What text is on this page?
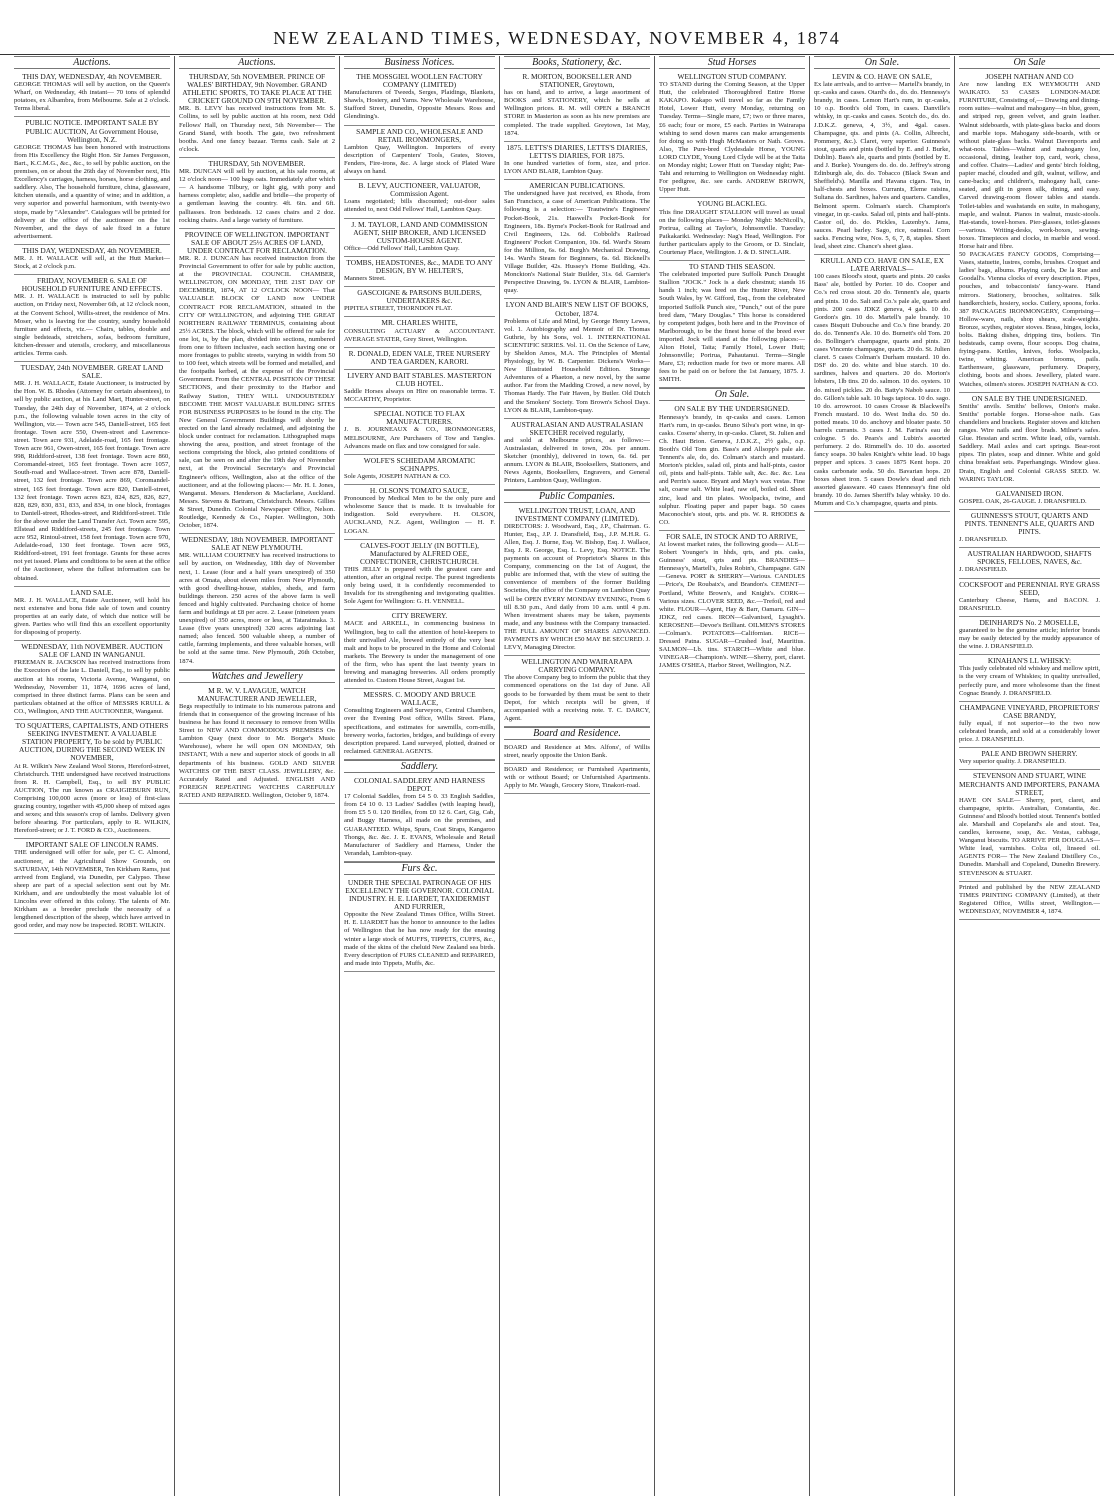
NEW ZEALAND TIMES, WEDNESDAY, NOVEMBER 4, 1874
Auctions.

THIS DAY, WEDNESDAY, 4th NOVEMBER.

GEORGE THOMAS will sell by auction, on the Queen's Wharf, on Wednesday, 4th instant— 70 tons of splendid potatoes, ex Albambra, from Melbourne. Sale at 2 o'clock. Terms liberal.

PUBLIC NOTICE. IMPORTANT SALE BY PUBLIC AUCTION, At Government House, Wellington, N.Z.

GEORGE THOMAS has been honored with instructions from His Excellency the Right Hon. Sir James Fergusson, Bart., K.C.M.G., &c., &c., to sell by public auction, on the premises, on or about the 26th day of November next, His Excellency's carriages, harness, horses, horse clothing, and saddlery. Also, The household furniture, china, glassware, kitchen utensils, and a quantity of wine; and in addition, a very superior and powerful harmonium, with twenty-two stops, made by "Alexandre". Catalogues will be printed for delivery at the office of the auctioneer on the 1st November, and the days of sale fixed in a future advertisement.

THIS DAY, WEDNESDAY, 4th NOVEMBER.

MR. J. H. WALLACE will sell, at the Hutt Market— Stock, at 2 o'clock p.m.

FRIDAY, NOVEMBER 6. SALE OF HOUSEHOLD FURNITURE AND EFFECTS.

MR. J. H. WALLACE is instructed to sell by public auction, on Friday next, November 6th, at 12 o'clock noon, at the Convent School, Willis-street, the residence of Mrs. Moser, who is leaving for the country, sundry household furniture and effects, viz.— Chairs, tables, double and single bedsteads, stretchers, sofas, bedroom furniture, kitchen-dresser and utensils, crockery, and miscellaneous articles. Terms cash.

TUESDAY, 24th NOVEMBER. GREAT LAND SALE.

MR. J. H. WALLACE, Estate Auctioneer, is instructed by the Hon. W. B. Rhodes (Attorney for certain absentees), to sell by public auction, at his Land Mart, Hunter-street, on Tuesday, the 24th day of November, 1874, at 2 o'clock p.m., the following valuable town acres in the city of Wellington, viz.— Town acre 545, Daniell-street, 165 feet frontage. Town acre 550, Owen-street and Lawrence-street. Town acre 931, Adelaide-road, 165 feet frontage. Town acre 961, Owen-street, 165 feet frontage. Town acre 998, Riddiford-street, 138 feet frontage. Town acre 860, Coromandel-street, 165 feet frontage. Town acre 1057, South-road and Wallace-street. Town acre 878, Daniell-street, 132 feet frontage. Town acre 869, Coromandel-street, 165 feet frontage. Town acre 820, Daniell-street, 132 feet frontage. Town acres 823, 824, 825, 826, 827, 828, 829, 830, 831, 833, and 834, in one block, frontages to Daniell-street, Rhodes-street, and Riddiford-street. Title for the above under the Land Transfer Act. Town acre 595, Ellstead and Riddiford-streets, 245 feet frontage. Town acre 952, Rintoul-street, 158 feet frontage. Town acre 970, Adelaide-road, 130 feet frontage. Town acre 965, Riddiford-street, 191 feet frontage. Grants for these acres not yet issued. Plans and conditions to be seen at the office of the Auctioneer, where the fullest information can be obtained.

LAND SALE.

MR. J. H. WALLACE, Estate Auctioneer, will hold his next extensive and bona fide sale of town and country properties at an early date, of which due notice will be given. Parties who will find this an excellent opportunity for disposing of property.

WEDNESDAY, 11th NOVEMBER. AUCTION SALE OF LAND IN WANGANUI.

FREEMAN R. JACKSON has received instructions from the Executors of the late L. Daniell, Esq., to sell by public auction at his rooms, Victoria Avenue, Wanganui, on Wednesday, November 11, 1874, 1696 acres of land, comprised in three distinct farms. Plans can be seen and particulars obtained at the office of MESSRS KRULL & CO., Wellington, AND THE AUCTIONEER, Wanganui.

TO SQUATTERS, CAPITALISTS, AND OTHERS SEEKING INVESTMENT. A VALUABLE STATION PROPERTY, To be sold by PUBLIC AUCTION, DURING THE SECOND WEEK IN NOVEMBER,

At R. Wilkin's New Zealand Wool Stores, Hereford-street, Christchurch. THE undersigned have received instructions from R. H. Campbell, Esq., to sell BY PUBLIC AUCTION, The run known as CRAIGIEBURN RUN, Comprising 100,000 acres (more or less) of first-class grazing country, together with 45,000 sheep of mixed ages and sexes; and this season's crop of lambs. Delivery given before shearing. For particulars, apply to R. WILKIN, Hereford-street; or J. T. FORD & CO., Auctioneers.

IMPORTANT SALE OF LINCOLN RAMS.

THE undersigned will offer for sale, per C. C. Almond, auctioneer, at the Agricultural Show Grounds, on SATURDAY, 14th NOVEMBER, Ten Kirkham Rams, just arrived from England, via Dunedin, per Calypso. These sheep are part of a special selection sent out by Mr. Kirkham, and are undoubtedly the most valuable lot of Lincolns ever offered in this colony. The talents of Mr. Kirkham as a breeder preclude the necessity of a lengthened description of the sheep, which have arrived in good order, and may now be inspected. ROBT. WILKIN.

Auctions.

THURSDAY, 5th NOVEMBER. PRINCE OF WALES' BIRTHDAY, 9th November. GRAND ATHLETIC SPORTS, TO TAKE PLACE AT THE CRICKET GROUND ON 9TH NOVEMBER.

MR. B. LEVY has received instructions from Mr. S. Collins, to sell by public auction at his room, next Odd Fellows' Hall, on Thursday next, 5th November— The Grand Stand, with booth. The gate, two refreshment booths. And one fancy bazaar. Terms cash. Sale at 2 o'clock.

THURSDAY, 5th NOVEMBER.

MR. DUNCAN will sell by auction, at his sale rooms, at 12 o'clock noon— 100 bags oats. Immediately after which— A handsome Tilbury, or light gig, with pony and harness complete; also, saddle and bridle—the property of a gentleman leaving the country. 4ft. 6in. and 6ft. palliasses. Iron bedsteads. 12 cases chairs and 2 doz. rocking chairs. And a large variety of furniture.

PROVINCE OF WELLINGTON. IMPORTANT SALE OF ABOUT 25½ ACRES OF LAND, UNDER CONTRACT FOR RECLAMATION.

MR. R. J. DUNCAN has received instruction from the Provincial Government to offer for sale by public auction, at the PROVINCIAL COUNCIL CHAMBER, WELLINGTON, ON MONDAY, THE 21ST DAY OF DECEMBER, 1874, AT 12 O'CLOCK NOON— That VALUABLE BLOCK OF LAND now UNDER CONTRACT FOR RECLAMATION, situated in the CITY OF WELLINGTON, and adjoining THE GREAT NORTHERN RAILWAY TERMINUS, containing about 25½ ACRES. The block, which will be offered for sale for one lot, is, by the plan, divided into sections, numbered from one to fifteen inclusive, each section having one or more frontages to public streets, varying in width from 50 to 100 feet, which streets will be formed and metalled, and the footpaths kerbed, at the expense of the Provincial Government. From the CENTRAL POSITION OF THESE SECTIONS, and their proximity to the Harbor and Railway Station, THEY WILL UNDOUBTEDLY BECOME THE MOST VALUABLE BUILDING SITES FOR BUSINESS PURPOSES to be found in the city. The New General Government Buildings will shortly be erected on the land already reclaimed, and adjoining the block under contract for reclamation. Lithographed maps showing the area, position, and street frontage of the sections comprising the block, also printed conditions of sale, can be seen on and after the 19th day of November next, at the Provincial Secretary's and Provincial Engineer's offices, Wellington, also at the office of the auctioneer, and at the following places:— Mr. H. I. Jones, Wanganui. Messrs. Henderson & Macfarlane, Auckland. Messrs. Stevens & Bartram, Christchurch. Messrs. Gillies & Street, Dunedin. Colonial Newspaper Office, Nelson. Routledge, Kennedy & Co., Napier. Wellington, 30th October, 1874.

WEDNESDAY, 18th NOVEMBER. IMPORTANT SALE AT NEW PLYMOUTH.

MR. WILLIAM COURTNEY has received instructions to sell by auction, on Wednesday, 18th day of November next, 1. Lease (four and a half years unexpired) of 350 acres at Omata, about eleven miles from New Plymouth, with good dwelling-house, stables, sheds, and farm buildings thereon. 250 acres of the above farm is well fenced and highly cultivated. Purchasing choice of home farm and buildings at £8 per acre. 2. Lease (nineteen years unexpired) of 350 acres, more or less, at Tataraimaka. 3. Lease (five years unexpired) 320 acres adjoining last named; also fenced. 500 valuable sheep, a number of cattle, farming implements, and three valuable horses, will be sold at the same time. New Plymouth, 26th October, 1874.

Watches and Jewellery

M R. W. V. LAVAGUE, WATCH MANUFACTURER AND JEWELLER,

Begs respectfully to intimate to his numerous patrons and friends that in consequence of the growing increase of his business he has found it necessary to remove from Willis Street to NEW AND COMMODIOUS PREMISES On Lambton Quay (next door to Mr. Borger's Music Warehouse), where he will open ON MONDAY, 9th INSTANT, With a new and superior stock of goods in all departments of his business. GOLD AND SILVER WATCHES OF THE BEST CLASS. JEWELLERY, &c. Accurately Rated and Adjusted. ENGLISH AND FOREIGN REPEATING WATCHES CAREFULLY RATED AND REPAIRED. Wellington, October 9, 1874.

Business Notices.

THE MOSSGIEL WOOLLEN FACTORY COMPANY (LIMITED)

Manufacturers of Tweeds, Serges, Plaidings, Blankets, Shawls, Hosiery, and Yarns. New Wholesale Warehouse, Stafford Street, Dunedin, Opposite Messrs. Ross and Glendining's.

SAMPLE AND CO., WHOLESALE AND RETAIL IRONMONGERS,

Lambton Quay, Wellington. Importers of every description of Carpenters' Tools, Grates, Stoves, Fenders, Fire-irons, &c. A large stock of Plated Ware always on hand.

B. LEVY, AUCTIONEER, VALUATOR, Commission Agent.

Loans negotiated; bills discounted; out-door sales attended to, next Odd Fellows' Hall, Lambton Quay.

J. M. TAYLOR, LAND AND COMMISSION AGENT, SHIP BROKER, AND LICENSED CUSTOM-HOUSE AGENT.

Office—Odd Fellows' Hall, Lambton Quay.

TOMBS, HEADSTONES, &c., MADE TO ANY DESIGN, BY W. HELTER'S,

Manners Street.

GASCOIGNE & PARSONS BUILDERS, UNDERTAKERS &c.

PIPITEA STREET, THORNDON FLAT.

MR. CHARLES WHITE,

CONSULTING ACTUARY & ACCOUNTANT. AVERAGE STATER, Grey Street, Wellington.

R. DONALD, EDEN VALE, TREE NURSERY AND TEA GARDEN, KARORI.

LIVERY AND BAIT STABLES. MASTERTON CLUB HOTEL.

Saddle Horses always on Hire on reasonable terms. T. MCCARTHY, Proprietor.

SPECIAL NOTICE TO FLAX MANUFACTURERS.

J. B. JOURNEAUX & CO., IRONMONGERS, MELBOURNE, Are Purchasers of Tow and Tangles. Advances made on flax and tow consigned for sale.

WOLFE'S SCHIEDAM AROMATIC SCHNAPPS.

Sole Agents, JOSEPH NATHAN & CO.

H. OLSON'S TOMATO SAUCE,

Pronounced by Medical Men to be the only pure and wholesome Sauce that is made. It is invaluable for indigestion. Sold everywhere. H. OLSON, AUCKLAND, N.Z. Agent, Wellington — H. F. LOGAN.

CALVES-FOOT JELLY (IN BOTTLE), Manufactured by ALFRED OEE, CONFECTIONER, CHRISTCHURCH.

THIS JELLY is prepared with the greatest care and attention, after an original recipe. The purest ingredients only being used, it is confidently recommended to Invalids for its strengthening and invigorating qualities. Sole Agent for Wellington: G. H. VENNELL.

CITY BREWERY.

MACE and ARKELL, in commencing business in Wellington, beg to call the attention of hotel-keepers to their unrivalled Ale, brewed entirely of the very best malt and hops to be procured in the Home and Colonial markets. The Brewery is under the management of one of the firm, who has spent the last twenty years in brewing and managing breweries. All orders promptly attended to. Custom House Street, August 1st.

MESSRS. C. MOODY AND BRUCE WALLACE,

Consulting Engineers and Surveyors, Central Chambers, over the Evening Post office, Willis Street. Plans, specifications, and estimates for sawmills, corn-mills, brewery works, factories, bridges, and buildings of every description prepared. Land surveyed, plotted, drained or reclaimed. GENERAL AGENTS.

Saddlery.

COLONIAL SADDLERY AND HARNESS DEPOT.

17 Colonial Saddles, from £4 5 0. 33 English Saddles, from £4 10 0. 13 Ladies' Saddles (with leaping head), from £5 5 0. 120 Bridles, from £0 12 6. Cart, Gig, Cab, and Buggy Harness, all made on the premises, and GUARANTEED. Whips, Spurs, Coat Straps, Kangaroo Thongs, &c. &c. J. E. EVANS, Wholesale and Retail Manufacturer of Saddlery and Harness, Under the Verandah, Lambton-quay.

Furs &c.

UNDER THE SPECIAL PATRONAGE OF HIS EXCELLENCY THE GOVERNOR. COLONIAL INDUSTRY. H. E. LIARDET, TAXIDERMIST AND FURRIER,

Opposite the New Zealand Times Office, Willis Street. H. E. LIARDET has the honor to announce to the ladies of Wellington that he has now ready for the ensuing winter a large stock of MUFFS, TIPPETS, CUFFS, &c., made of the skins of the cheluid New Zealand sea birds. Every description of FURS CLEANED and REPAIRED, and made into Tippets, Muffs, &c.

Books, Stationery, &c.

R. MORTON, BOOKSELLER AND STATIONER, Greytown,

has on hand, and to arrive, a large assortment of BOOKS and STATIONERY, which he sells at Wellington prices. R. M. will OPEN a BRANCH STORE in Masterton as soon as his new premises are completed. The trade supplied. Greytown, 1st May, 1874.

1875. LETTS'S DIARIES, LETTS'S DIARIES, LETTS'S DIARIES, FOR 1875.

In one hundred varieties of form, size, and price. LYON AND BLAIR, Lambton Quay.

AMERICAN PUBLICATIONS.

The undersigned have just received, ex Rhoda, from San Francisco, a case of American Publications. The following is a selection:— Trautwine's Engineers' Pocket-Book, 21s. Haswell's Pocket-Book for Engineers, 18s. Byrne's Pocket-Book for Railroad and Civil Engineers, 12s. 6d. Cobbold's Railroad Engineers' Pocket Companion, 10s. 6d. Ward's Steam for the Million, 6s. 6d. Burgh's Mechanical Drawing, 14s. Ward's Steam for Beginners, 6s. 6d. Bicknell's Village Builder, 42s. Hussey's Home Building, 42s. Monckton's National Stair Builder, 31s. 6d. Garnier's Perspective Drawing, 9s. LYON & BLAIR, Lambton-quay.

LYON AND BLAIR'S NEW LIST OF BOOKS, October, 1874.

Problems of Life and Mind, by George Henry Lewes, vol. 1. Autobiography and Memoir of Dr. Thomas Guthrie, by his Sons, vol. 1. INTERNATIONAL SCIENTIFIC SERIES. Vol. 11. On the Science of Law, by Sheldon Amos, M.A. The Principles of Mental Physiology, by W. B. Carpenter. Dickens's Works—New Illustrated Household Edition. Strange Adventures of a Phaeton, a new novel, by the same author. Far from the Madding Crowd, a new novel, by Thomas Hardy. The Fair Haven, by Butler. Old Dutch and the Smokers' Society. Tom Brown's School Days. LYON & BLAIR, Lambton-quay.

AUSTRALASIAN AND AUSTRALASIAN SKETCHER received regularly,

and sold at Melbourne prices, as follows:— Australasian, delivered in town, 20s. per annum. Sketcher (monthly), delivered in town, 6s. 6d. per annum. LYON & BLAIR, Booksellers, Stationers, and News Agents, Booksellers, Engravers, and General Printers, Lambton Quay, Wellington.

Public Companies.

WELLINGTON TRUST, LOAN, AND INVESTMENT COMPANY (LIMITED).

DIRECTORS: J. Woodward, Esq., J.P., Chairman. G. Hunter, Esq., J.P. J. Dransfield, Esq., J.P. M.H.R. G. Allen, Esq. J. Burne, Esq. W. Bishop, Esq. J. Wallace, Esq. J. R. George, Esq. L. Levy, Esq. NOTICE. The payments on account of Proprietor's Shares in this Company, commencing on the 1st of August, the public are informed that, with the view of suiting the convenience of members of the former Building Societies, the office of the Company on Lambton Quay will be OPEN EVERY MONDAY EVENING, From 6 till 8.30 p.m., And daily from 10 a.m. until 4 p.m. When investment shares may be taken, payments made, and any business with the Company transacted. THE FULL AMOUNT OF SHARES ADVANCED. PAYMENTS BY WHICH £50 MAY BE SECURED. J. LEVY, Managing Director.

WELLINGTON AND WAIRARAPA CARRYING COMPANY.

The above Company beg to inform the public that they commenced operations on the 1st day of June. All goods to be forwarded by them must be sent to their Depot, for which receipts will be given, if accompanied with a receiving note. T. C. DARCY, Agent.

Board and Residence.

BOARD and Residence at Mrs. Alfons', of Willis street, nearly opposite the Union Bank.

BOARD and Residence; or Furnished Apartments, with or without Board; or Unfurnished Apartments. Apply to Mr. Waugh, Grocery Store, Tinakori-road.

Stud Horses

WELLINGTON STUD COMPANY.

TO STAND during the Coming Season, at the Upper Hutt, the celebrated Thoroughbred Entire Horse KAKAPO. Kakapo will travel so far as the Family Hotel, Lower Hutt, every Monday, returning on Tuesday. Terms—Single mare, £7; two or three mares, £6 each; four or more, £5 each. Parties in Wairarapa wishing to send down mares can make arrangements for doing so with Hugh McMasters or Nath. Groves. Also, The Pure-bred Clydesdale Horse, YOUNG LORD CLYDE, Young Lord Clyde will be at the Taita on Monday night; Lower Hutt on Tuesday night; Pae-Tahi and returning to Wellington on Wednesday night. For pedigree, &c. see cards. ANDREW BROWN, Upper Hutt.

YOUNG BLACKLEG.

This fine DRAUGHT STALLION will travel as usual on the following places— Monday Night: McNicoll's, Porirua, calling at Taylor's, Johnsonville. Tuesday: Paikakariki. Wednesday: Nag's Head, Wellington. For further particulars apply to the Groom, or D. Sinclair, Courtenay Place, Wellington. J. & D. SINCLAIR.

TO STAND THIS SEASON.

The celebrated imported pure Suffolk Punch Draught Stallion "JOCK." Jock is a dark chestnut; stands 16 hands 1 inch; was bred on the Hunter River, New South Wales, by W. Gifford, Esq., from the celebrated imported Suffolk Punch sire, "Punch," out of the pure bred dam, "Mary Douglas." This horse is considered by competent judges, both here and in the Province of Marlborough, to be the finest horse of the breed ever imported. Jock will stand at the following places:— Alton Hotel, Taita; Family Hotel, Lower Hutt; Johnsonville; Porirua, Pahautanui. Terms—Single Mare, £3; reduction made for two or more mares. All fees to be paid on or before the 1st January, 1875. J. SMITH.

On Sale.

ON SALE BY THE UNDERSIGNED.

Hennessy's brandy, in qr-casks and cases. Lemon Hart's rum, in qr-casks. Bruno Silva's port wine, in qr-casks. Cosens' sherry, in qr-casks. Claret, St. Julien and Ch. Haut Brion. Geneva, J.D.K.Z., 2½ gals., o.p. Booth's Old Tom gin. Bass's and Allsopp's pale ale. Tennent's ale, do, do. Colman's starch and mustard. Morton's pickles, salad oil, pints and half-pints, castor oil, pints and half-pints. Table salt, &c. &c. &c. Lea and Perrin's sauce. Bryant and May's wax vestas. Fine salt, coarse salt. White lead, raw oil, boiled oil. Sheet zinc, lead and tin plates. Woolpacks, twine, and sulphur. Floating paper and paper bags. 50 cases Maconochie's stout, qrts. and pts. W. R. RHODES & CO.

FOR SALE, IN STOCK AND TO ARRIVE,

At lowest market rates, the following goods— ALE—Robert Younger's in hhds, qrts, and pts. casks, Guinness' stout, qrts and pts. BRANDIES—Hennessy's, Martell's, Jules Robin's, Champagne. GIN—Geneva. PORT & SHERRY—Various. CANDLES—Price's, De Roubaix's, and Brandon's. CEMENT—Portland, White Brown's, and Knight's. CORK—Various sizes. CLOVER SEED, &c.—Trefoil, red and white. FLOUR—Agent, Hay & Barr, Oamaru. GIN—JDKZ, red cases. IRON—Galvanised, Lysaght's. KEROSENE—Devoe's Brilliant. OILMEN'S STORES—Colman's. POTATOES—Californian. RICE—Dressed Patna. SUGAR—Crushed loaf, Mauritius. SALMON—Lb. tins. STARCH—White and blue. VINEGAR—Champion's. WINE—Sherry, port, claret. JAMES O'SHEA, Harbor Street, Wellington, N.Z.

On Sale.

LEVIN & CO. HAVE ON SALE,

Ex late arrivals, and to arrive— Martell's brandy, in qr.-casks and cases. Otard's do., do. do. Hennessy's brandy, in cases. Lemon Hart's rum, in qr.-casks, 10 o.p. Booth's old Tom, in cases. Danville's whisky, in qr.-casks and cases. Scotch do., do. do. J.D.K.Z. geneva, 4, 3½, and 4gal. cases. Champagne, qts. and pints (A. Collin, Albrecht, Pommery, &c.). Claret, very superior. Guinness's stout, quarts and pints (bottled by E. and J. Burke, Dublin). Bass's ale, quarts and pints (bottled by E. and J. Burke). Youngers do. do. do. Jeffrey's strong Edinburgh ale, do. do. Tobacco (Black Swan and Sheffield's). Manilla and Havana cigars. Tea, in half-chests and boxes. Currants, Eleme raisins, Sultana do. Sardines, halves and quarters. Candles, Belmont sperm. Colman's starch. Champion's vinegar, in qr.-casks. Salad oil, pints and half-pints. Castor oil, do. do. Pickles, Lazenby's. Jams, sauces. Pearl barley. Sago, rice, oatmeal. Corn sacks. Fencing wire, Nos. 5, 6, 7, 8, staples. Sheet lead, sheet zinc. Chance's sheet glass.

KRULL AND CO. HAVE ON SALE, EX LATE ARRIVALS—

100 cases Blood's stout, quarts and pints. 20 casks Bass' ale, bottled by Porter. 10 do. Cooper and Co.'s red cross stout. 20 do. Tennent's ale, quarts and pints. 10 do. Salt and Co.'s pale ale, quarts and pints. 200 cases JDKZ geneva, 4 gals. 10 do. Gordon's gin. 10 do. Martell's pale brandy. 10 cases Bisquit Dubouche and Co.'s fine brandy. 20 do. do. Tennent's Ale. 10 do. Burnett's old Tom. 20 do. Bollinger's champagne, quarts and pints. 20 cases Vincente champagne, quarts. 20 do. St. Julien claret. 5 cases Colman's Durham mustard. 10 do. DSF do. 20 do. white and blue starch. 10 do. sardines, halves and quarters. 20 do. Morton's lobsters, 1lb tins. 20 do. salmon. 10 do. oysters. 10 do. mixed pickles. 20 do. Batty's Nabob sauce. 10 do. Gillon's table salt. 10 bags tapioca. 10 do. sago. 10 do. arrowroot. 10 cases Crosse & Blackwell's French mustard. 10 do. West India do. 50 do. potted meats. 10 do. anchovy and bloater paste. 50 barrels currants. 3 cases J. M. Farina's eau de cologne. 5 do. Pears's and Lubin's assorted perfumery. 2 do. Rimmell's do. 10 do. assorted fancy soaps. 30 bales Knight's white lead. 10 bags pepper and spices. 3 cases 1875 Kent hops. 20 casks carbonate soda. 50 do. Bavarian hops. 20 boxes sheet iron. 5 cases Dowle's dead and rich assorted glassware. 40 cases Hennessy's fine old brandy. 10 do. James Sheriff's Islay whisky. 10 do. Mumm and Co.'s champagne, quarts and pints.

On Sale

JOSEPH NATHAN AND CO

Are now landing EX WEYMOUTH AND WAIKATO. 53 CASES LONDON-MADE FURNITURE, Consisting of,— Drawing and dining-room suites—walnut and mahogany—in blue, green, and striped rep, green velvet, and grain leather. Walnut sideboards, with plate-glass backs and doors and marble tops. Mahogany side-boards, with or without plate-glass backs. Walnut Davenports and what-nots. Tables—Walnut and mahogany loo, occasional, dining, leather top, card, work, chess, and coffee. Chairs—Ladies' and gents' birch folding, papier maché, clouded and gilt, walnut, willow, and cane-backs; and children's, mahogany hall, cane-seated, and gilt in green silk, dining, and easy. Carved drawing-room flower tables and stands. Toilet-tables and washstands en suite, in mahogany, maple, and walnut. Pianos in walnut, music-stools. Hat-stands, towel-horses. Pier-glasses, toilet-glasses—various. Writing-desks, work-boxes, sewing-boxes. Timepieces and clocks, in marble and wood. Horse hair and fibre.

50 PACKAGES FANCY GOODS, Comprising— Vases, statuette, lustres, combs, brushes. Croquet and ladies' bags, albums. Playing cards, De la Rue and Goodall's. Vienna clocks of every description. Pipes, pouches, and tobacconists' fancy-ware. Hand mirrors. Stationery, brooches, solitaires. Silk handkerchiefs, hosiery, socks. Cutlery, spoons, forks. 387 PACKAGES IRONMONGERY, Comprising— Hollow-ware, nails, shop shears, scale-weights. Bronze, scythes, register stoves. Brass, hinges, locks, bolts. Baking dishes, dripping tins, boilers. Tin bedsteads, camp ovens, flour scoops. Dog chains, frying-pans. Kettles, knives, forks. Woolpacks, twine, whiting. American brooms, pails. Earthenware, glassware, perfumery. Drapery, clothing, boots and shoes. Jewellery, plated ware. Watches, oilmen's stores. JOSEPH NATHAN & CO.

ON SALE BY THE UNDERSIGNED.

Smiths' anvils. Smiths' bellows, Onion's make. Smiths' portable forges. Horse-shoe nails. Gas chandeliers and brackets. Register stoves and kitchen ranges. Wire nails and floor brads. Milner's safes. Glue. Hessian and scrim. White lead, oils, varnish. Saddlery. Mail axles and cart springs. Bear-root pipes. Tin plates, soap and dinner. White and gold china breakfast sets. Paperhangings. Window glass. Drain, English and Colonial GRASS SEED. W. WARING TAYLOR.

GALVANISED IRON.

GOSPEL OAK, 26-GAUGE. J. DRANSFIELD.

GUINNESS'S STOUT, QUARTS AND PINTS. TENNENT'S ALE, QUARTS AND PINTS.

J. DRANSFIELD.

AUSTRALIAN HARDWOOD, SHAFTS SPOKES, FELLOES, NAVES, &c.

J. DRANSFIELD.

COCKSFOOT and PERENNIAL RYE GRASS SEED,

Canterbury Cheese, Hams, and BACON. J. DRANSFIELD.

DEINHARD'S No. 2 MOSELLE,

guaranteed to be the genuine article; inferior brands may be easily detected by the muddy appearance of the wine. J. DRANSFIELD.

KINAHAN'S LL WHISKY:

This justly celebrated old whiskey and mellow spirit, is the very cream of Whiskies; in quality unrivalled, perfectly pure, and more wholesome than the finest Cognac Brandy. J. DRANSFIELD.

CHAMPAGNE VINEYARD, PROPRIETORS' CASE BRANDY,

fully equal, if not superior—to the two now celebrated brands, and sold at a considerably lower price. J. DRANSFIELD.

PALE AND BROWN SHERRY.

Very superior quality. J. DRANSFIELD.

STEVENSON AND STUART, WINE MERCHANTS AND IMPORTERS, PANAMA STREET,

HAVE ON SALE— Sherry, port, claret, and champagne, spirits. Australian, Constantia, &c. Guinness' and Blood's bottled stout. Tennent's bottled ale. Marshall and Copeland's ale and stout. Tea, candles, kerosene, soap, &c. Vestas, cabbage, Wanganui biscuits. TO ARRIVE PER DOUGLAS— White lead, varnishes. Colza oil, linseed oil. AGENTS FOR— The New Zealand Distillery Co., Dunedin. Marshall and Copeland, Dunedin Brewery. STEVENSON & STUART.

Printed and published by the NEW ZEALAND TIMES PRINTING COMPANY (Limited), at their Registered Office, Willis street, Wellington.—WEDNESDAY, NOVEMBER 4, 1874.
